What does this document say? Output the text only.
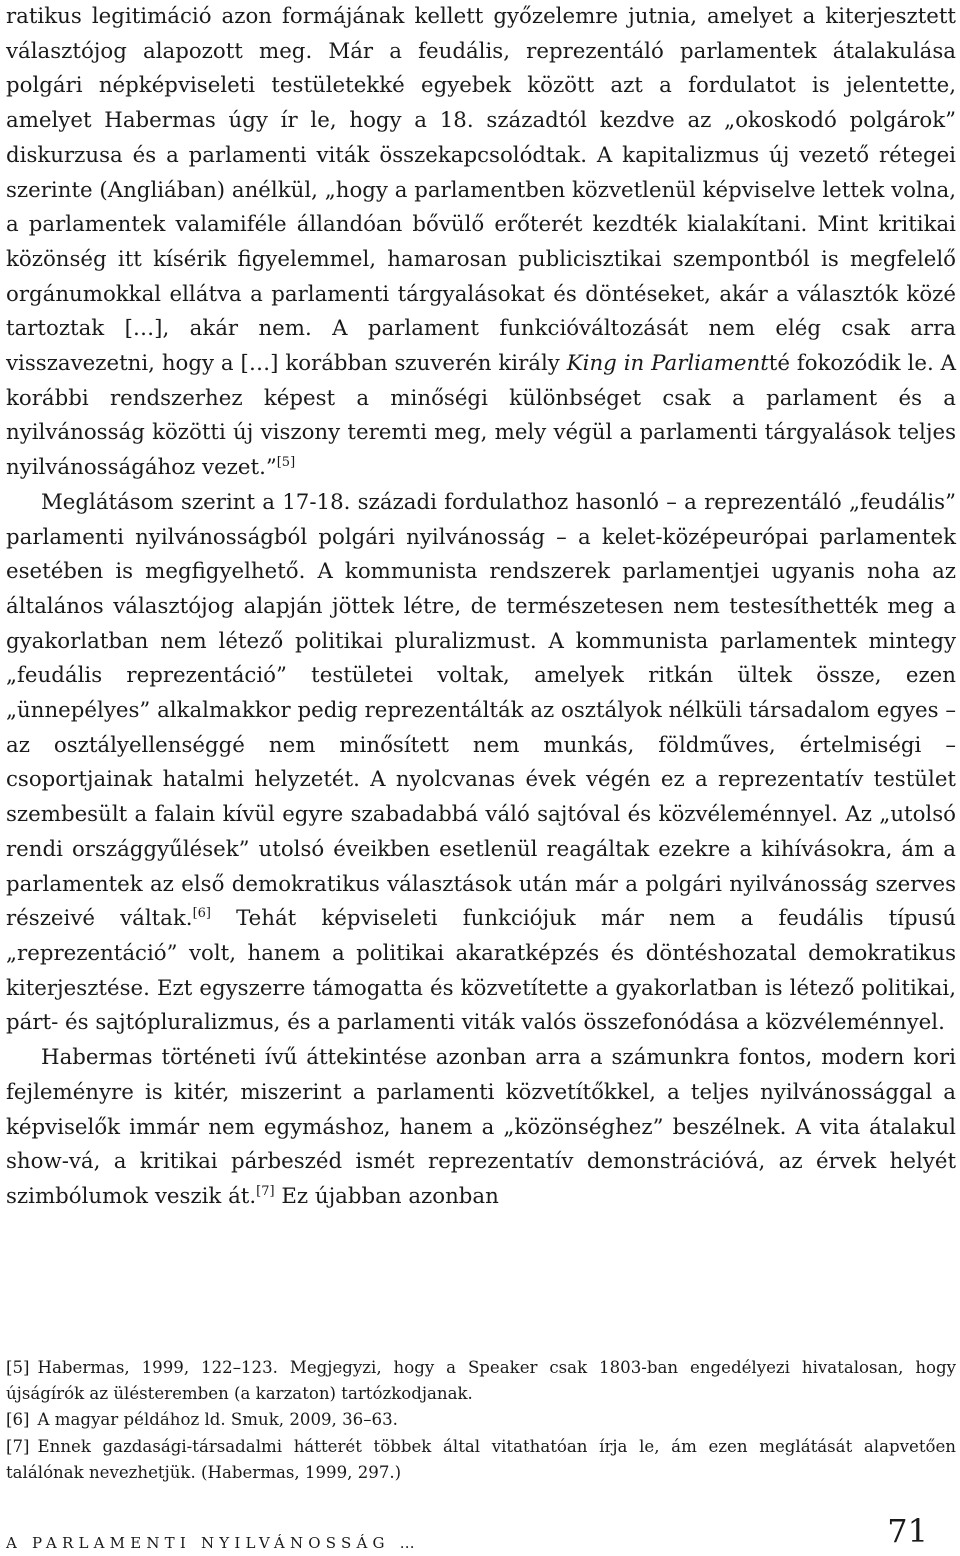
ratikus legitimáció azon formájának kellett győzelemre jutnia, amelyet a kiterjesztett választójog alapozott meg. Már a feudális, reprezentáló parlamentek átalakulása polgári népképviseleti testületekké egyebek között azt a fordulatot is jelentette, amelyet Habermas úgy ír le, hogy a 18. századtól kezdve az „okoskodó polgárok” diskurzusa és a parlamenti viták összekapcsolódtak. A kapitalizmus új vezető rétegei szerinte (Angliában) anélkül, „hogy a parlamentben közvetlenül képviselve lettek volna, a parlamentek valamiféle állandóan bővülő erőterét kezdték kialakítani. Mint kritikai közönség itt kísérik figyelemmel, hamarosan publicisztikai szempontból is megfelelő orgánumokkal ellátva a parlamenti tárgyalásokat és döntéseket, akár a választók közé tartoztak […], akár nem. A parlament funkcióváltozását nem elég csak arra visszavezetni, hogy a […] korábban szuverén király King in Parliamentté fokozódik le. A korábbi rendszerhez képest a minőségi különbséget csak a parlament és a nyilvánosság közötti új viszony teremti meg, mely végül a parlamenti tárgyalások teljes nyilvánosságához vezet.”[5]

Meglátásom szerint a 17-18. századi fordulathoz hasonló – a reprezentáló „feudális” parlamenti nyilvánosságból polgári nyilvánosság – a kelet-középeurópai parlamentek esetében is megfigyelhető. A kommunista rendszerek parlamentjei ugyanis noha az általános választójog alapján jöttek létre, de természetesen nem testesíthették meg a gyakorlatban nem létező politikai pluralizmust. A kommunista parlamentek mintegy „feudális reprezentáció” testületei voltak, amelyek ritkán ültek össze, ezen „ünnepélyes” alkalmakkor pedig reprezentálták az osztályok nélküli társadalom egyes – az osztályellenséggé nem minősített nem munkás, földműves, értelmiségi – csoportjainak hatalmi helyzetét. A nyolcvanas évek végén ez a reprezentatív testület szembesült a falain kívül egyre szabadabbá váló sajtóval és közvéleménnyel. Az „utolsó rendi országgyűlések” utolsó éveikben esetlenül reagáltak ezekre a kihívásokra, ám a parlamentek az első demokratikus választások után már a polgári nyilvánosság szerves részeivé váltak.[6] Tehát képviseleti funkciójuk már nem a feudális típusú „reprezentáció” volt, hanem a politikai akaratképzés és döntéshozatal demokratikus kiterjesztése. Ezt egyszerre támogatta és közvetítette a gyakorlatban is létező politikai, párt- és sajtópluralizmus, és a parlamenti viták valós összefonódása a közvéleménnyel.

Habermas történeti ívű áttekintése azonban arra a számunkra fontos, modern kori fejleményre is kitér, miszerint a parlamenti közvetítőkkel, a teljes nyilvánossággal a képviselők immár nem egymáshoz, hanem a „közönséghez” beszélnek. A vita átalakul show-vá, a kritikai párbeszéd ismét reprezentatív demonstrációvá, az érvek helyét szimbólumok veszik át.[7] Ez újabban azonban

[5] Habermas, 1999, 122–123. Megjegyzi, hogy a Speaker csak 1803-ban engedélyezi hivatalosan, hogy újságírók az ülésteremben (a karzaton) tartózkodjanak.

[6] A magyar példához ld. Smuk, 2009, 36–63.

[7] Ennek gazdasági-társadalmi hátterét többek által vitathatóan írja le, ám ezen meglátását alapvetően találónak nevezhetjük. (Habermas, 1999, 297.)

A PARLAMENTI NYILVÁNOSSÁG …	71
